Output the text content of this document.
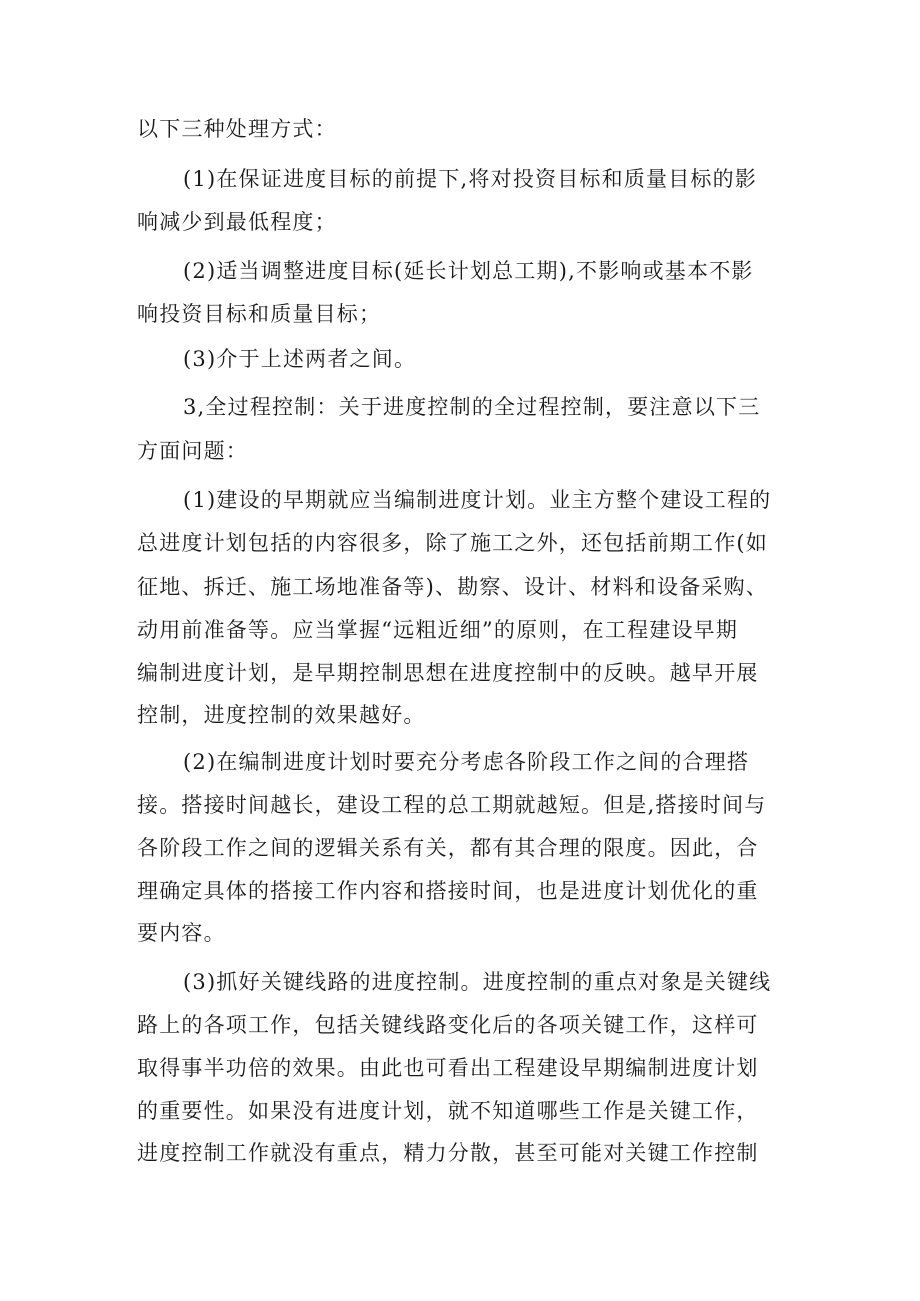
以下三种处理方式：
(1)在保证进度目标的前提下,将对投资目标和质量目标的影
响减少到最低程度；
(2)适当调整进度目标(延长计划总工期),不影响或基本不影
响投资目标和质量目标；
(3)介于上述两者之间。
3,全过程控制：关于进度控制的全过程控制，要注意以下三
方面问题：
(1)建设的早期就应当编制进度计划。业主方整个建设工程的
总进度计划包括的内容很多，除了施工之外，还包括前期工作(如
征地、拆迁、施工场地准备等)、勘察、设计、材料和设备采购、
动用前准备等。应当掌握“远粗近细”的原则，在工程建设早期
编制进度计划，是早期控制思想在进度控制中的反映。越早开展
控制，进度控制的效果越好。
(2)在编制进度计划时要充分考虑各阶段工作之间的合理搭
接。搭接时间越长，建设工程的总工期就越短。但是,搭接时间与
各阶段工作之间的逻辑关系有关，都有其合理的限度。因此，合
理确定具体的搭接工作内容和搭接时间，也是进度计划优化的重
要内容。
(3)抓好关键线路的进度控制。进度控制的重点对象是关键线
路上的各项工作，包括关键线路变化后的各项关键工作，这样可
取得事半功倍的效果。由此也可看出工程建设早期编制进度计划
的重要性。如果没有进度计划，就不知道哪些工作是关键工作，
进度控制工作就没有重点，精力分散，甚至可能对关键工作控制
